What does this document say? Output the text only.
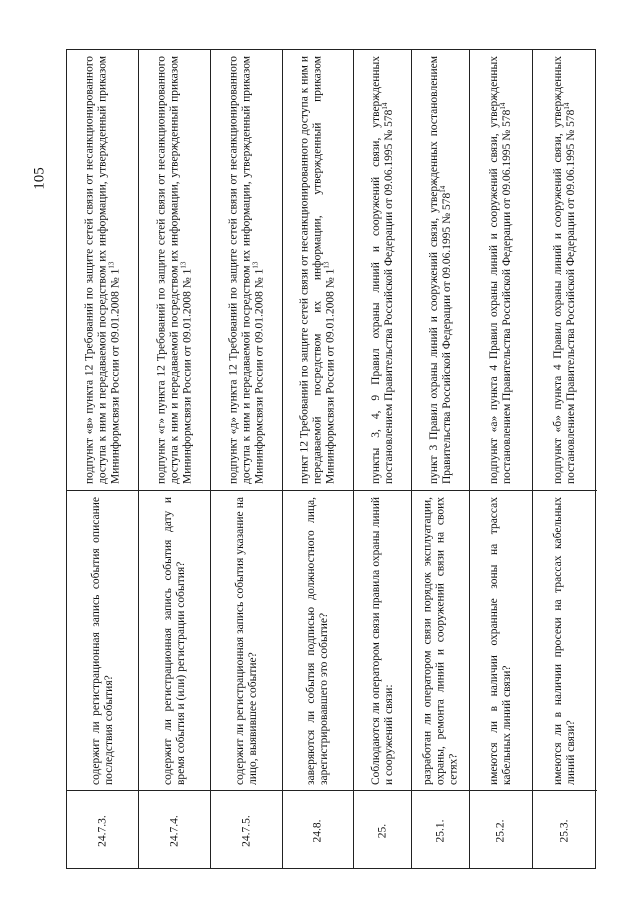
105	подпункт «в» пункта 12 Требований по защите сетей связи от несанкционированного доступа к ним и передаваемой посредством их информации, утвержденный приказом Мининформсвязи России от 09.01.2008 № $1^{13}$
содержит ли регистрационная запись события описание последствия события?
24.7.3.
подпункт «г» пункта 12 Требований по защите сетей связи от несанкционированного доступа к ним и передаваемой посредством их информации, утвержденный приказом Мининформсвязи России от 09.01.2008 № $1^{13}$
содержит ли регистрационная запись события дату и время события и (или) регистрации события?
24.7.4.
подпункт «д» пункта 12 Требований по защите сетей связи от несанкционированного доступа к ним и передаваемой посредством их информации, утвержденный приказом Мининформсвязи России от 09.01.2008 № $1^{13}$
содержит ли регистрационная запись события указание на лицо, выявившее событие?
24.7.5.
пункт 12 Требований по защите сетей связи от несанкционированного доступа к ним и передаваемой посредством их информации, утвержденный приказом Мининформсвязи России от 09.01.2008 № $1^{13}$
заверяются ли события подписью должностного лица, зарегистрировавшего это событие?
24.8.
пункты 3, 4, 9 Правил охраны линий и сооружений связи, утвержденных постановлением Правительства Российской Федерации от 09.06.1995 № $578^{14}$
Соблюдаются ли оператором связи правила охраны линий и сооружений связи:
25.
пункт 3 Правил охраны линий и сооружений связи, утвержденных постановлением Правительства Российской Федерации от 09.06.1995 № $578^{14}$
разработан ли оператором связи порядок эксплуатации, охраны, ремонта линий и сооружений связи на своих сетях?
25.1.
подпункт «а» пункта 4 Правил охраны линий и сооружений связи, утвержденных постановлением Правительства Российской Федерации от 09.06.1995 № $578^{14}$
имеются ли в наличии охранные зоны на трассах кабельных линий связи?
25.2.
подпункт «б» пункта 4 Правил охраны линий и сооружений связи, утвержденных постановлением Правительства Российской Федерации от 09.06.1995 № $578^{14}$
имеются ли в наличии просеки на трассах кабельных линий связи?
25.3.
